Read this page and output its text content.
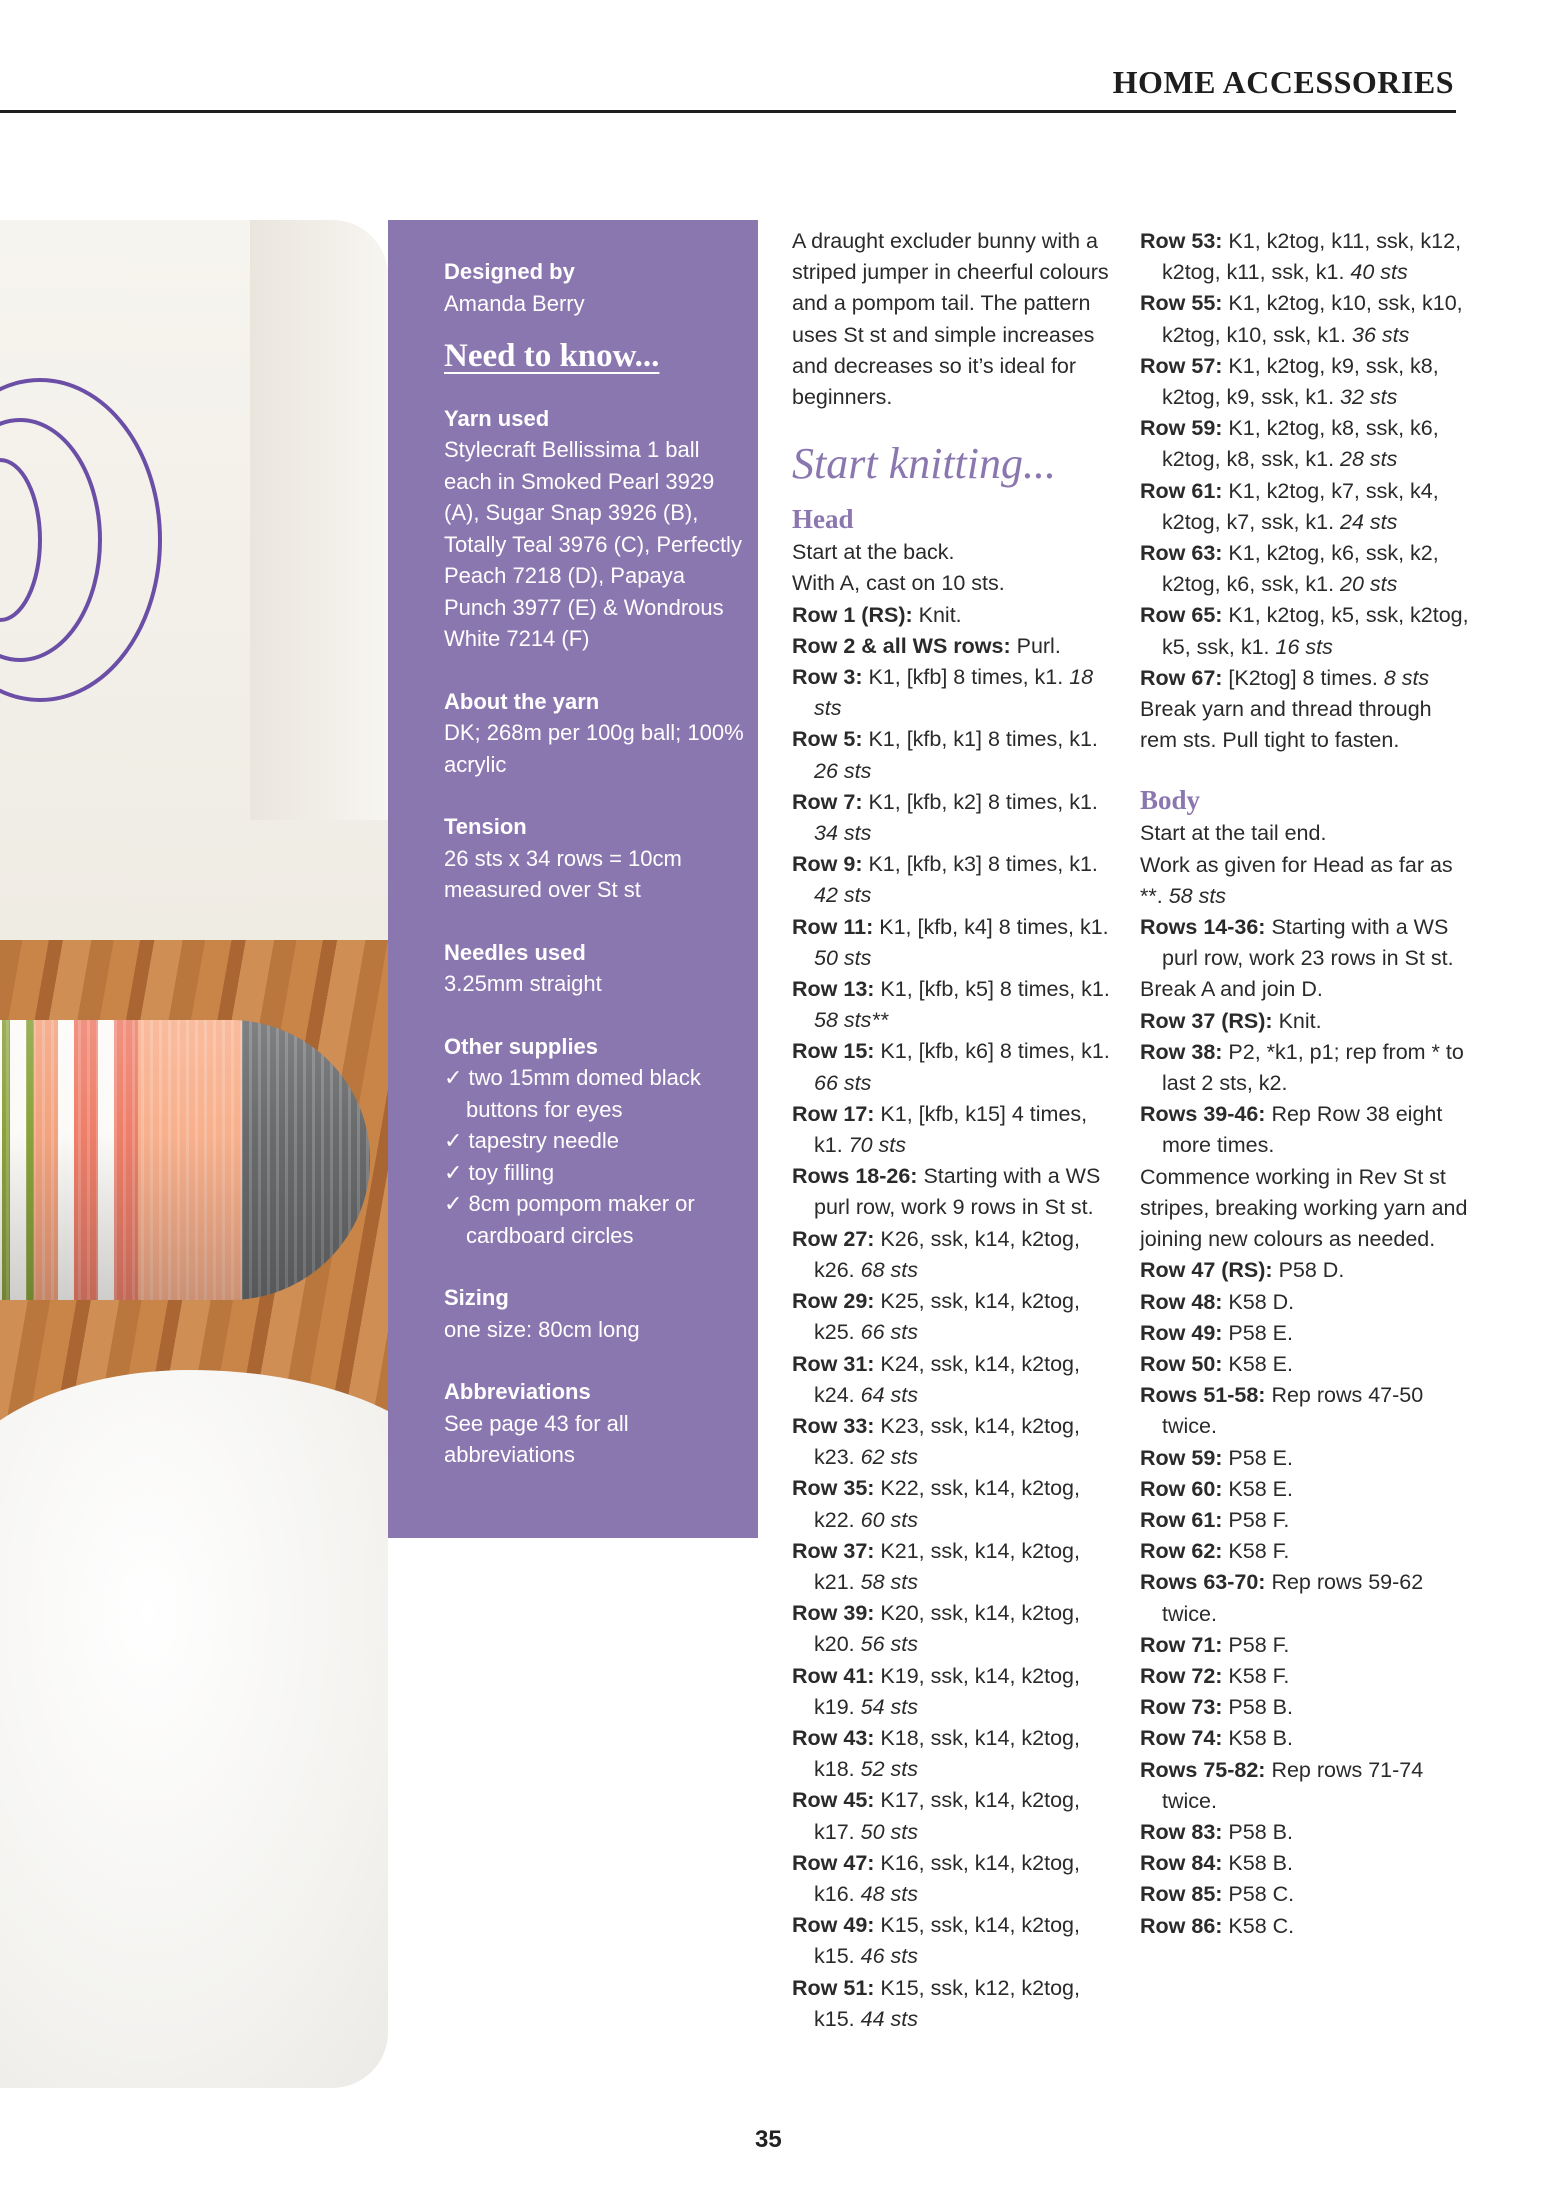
HOME ACCESSORIES
Designed by
Amanda Berry
Need to know...
Yarn used
Stylecraft Bellissima 1 ball each in Smoked Pearl 3929 (A), Sugar Snap 3926 (B), Totally Teal 3976 (C), Perfectly Peach 7218 (D), Papaya Punch 3977 (E) & Wondrous White 7214 (F)
About the yarn
DK; 268m per 100g ball; 100% acrylic
Tension
26 sts x 34 rows = 10cm measured over St st
Needles used
3.25mm straight
Other supplies
✓ two 15mm domed black buttons for eyes
✓ tapestry needle
✓ toy filling
✓ 8cm pompom maker or cardboard circles
Sizing
one size: 80cm long
Abbreviations
See page 43 for all abbreviations
A draught excluder bunny with a striped jumper in cheerful colours and a pompom tail. The pattern uses St st and simple increases and decreases so it’s ideal for beginners.
Start knitting...
Head
Start at the back.
With A, cast on 10 sts.
Row 1 (RS): Knit.
Row 2 & all WS rows: Purl.
Row 3: K1, [kfb] 8 times, k1. 18 sts
Row 5: K1, [kfb, k1] 8 times, k1. 26 sts
Row 7: K1, [kfb, k2] 8 times, k1. 34 sts
Row 9: K1, [kfb, k3] 8 times, k1. 42 sts
Row 11: K1, [kfb, k4] 8 times, k1. 50 sts
Row 13: K1, [kfb, k5] 8 times, k1. 58 sts**
Row 15: K1, [kfb, k6] 8 times, k1. 66 sts
Row 17: K1, [kfb, k15] 4 times, k1. 70 sts
Rows 18-26: Starting with a WS purl row, work 9 rows in St st.
Row 27: K26, ssk, k14, k2tog, k26. 68 sts
Row 29: K25, ssk, k14, k2tog, k25. 66 sts
Row 31: K24, ssk, k14, k2tog, k24. 64 sts
Row 33: K23, ssk, k14, k2tog, k23. 62 sts
Row 35: K22, ssk, k14, k2tog, k22. 60 sts
Row 37: K21, ssk, k14, k2tog, k21. 58 sts
Row 39: K20, ssk, k14, k2tog, k20. 56 sts
Row 41: K19, ssk, k14, k2tog, k19. 54 sts
Row 43: K18, ssk, k14, k2tog, k18. 52 sts
Row 45: K17, ssk, k14, k2tog, k17. 50 sts
Row 47: K16, ssk, k14, k2tog, k16. 48 sts
Row 49: K15, ssk, k14, k2tog, k15. 46 sts
Row 51: K15, ssk, k12, k2tog, k15. 44 sts
Row 53: K1, k2tog, k11, ssk, k12, k2tog, k11, ssk, k1. 40 sts
Row 55: K1, k2tog, k10, ssk, k10, k2tog, k10, ssk, k1. 36 sts
Row 57: K1, k2tog, k9, ssk, k8, k2tog, k9, ssk, k1. 32 sts
Row 59: K1, k2tog, k8, ssk, k6, k2tog, k8, ssk, k1. 28 sts
Row 61: K1, k2tog, k7, ssk, k4, k2tog, k7, ssk, k1. 24 sts
Row 63: K1, k2tog, k6, ssk, k2, k2tog, k6, ssk, k1. 20 sts
Row 65: K1, k2tog, k5, ssk, k2tog, k5, ssk, k1. 16 sts
Row 67: [K2tog] 8 times. 8 sts
Break yarn and thread through rem sts. Pull tight to fasten.
Body
Start at the tail end.
Work as given for Head as far as **. 58 sts
Rows 14-36: Starting with a WS purl row, work 23 rows in St st.
Break A and join D.
Row 37 (RS): Knit.
Row 38: P2, *k1, p1; rep from * to last 2 sts, k2.
Rows 39-46: Rep Row 38 eight more times.
Commence working in Rev St st stripes, breaking working yarn and joining new colours as needed.
Row 47 (RS): P58 D.
Row 48: K58 D.
Row 49: P58 E.
Row 50: K58 E.
Rows 51-58: Rep rows 47-50 twice.
Row 59: P58 E.
Row 60: K58 E.
Row 61: P58 F.
Row 62: K58 F.
Rows 63-70: Rep rows 59-62 twice.
Row 71: P58 F.
Row 72: K58 F.
Row 73: P58 B.
Row 74: K58 B.
Rows 75-82: Rep rows 71-74 twice.
Row 83: P58 B.
Row 84: K58 B.
Row 85: P58 C.
Row 86: K58 C.
35
